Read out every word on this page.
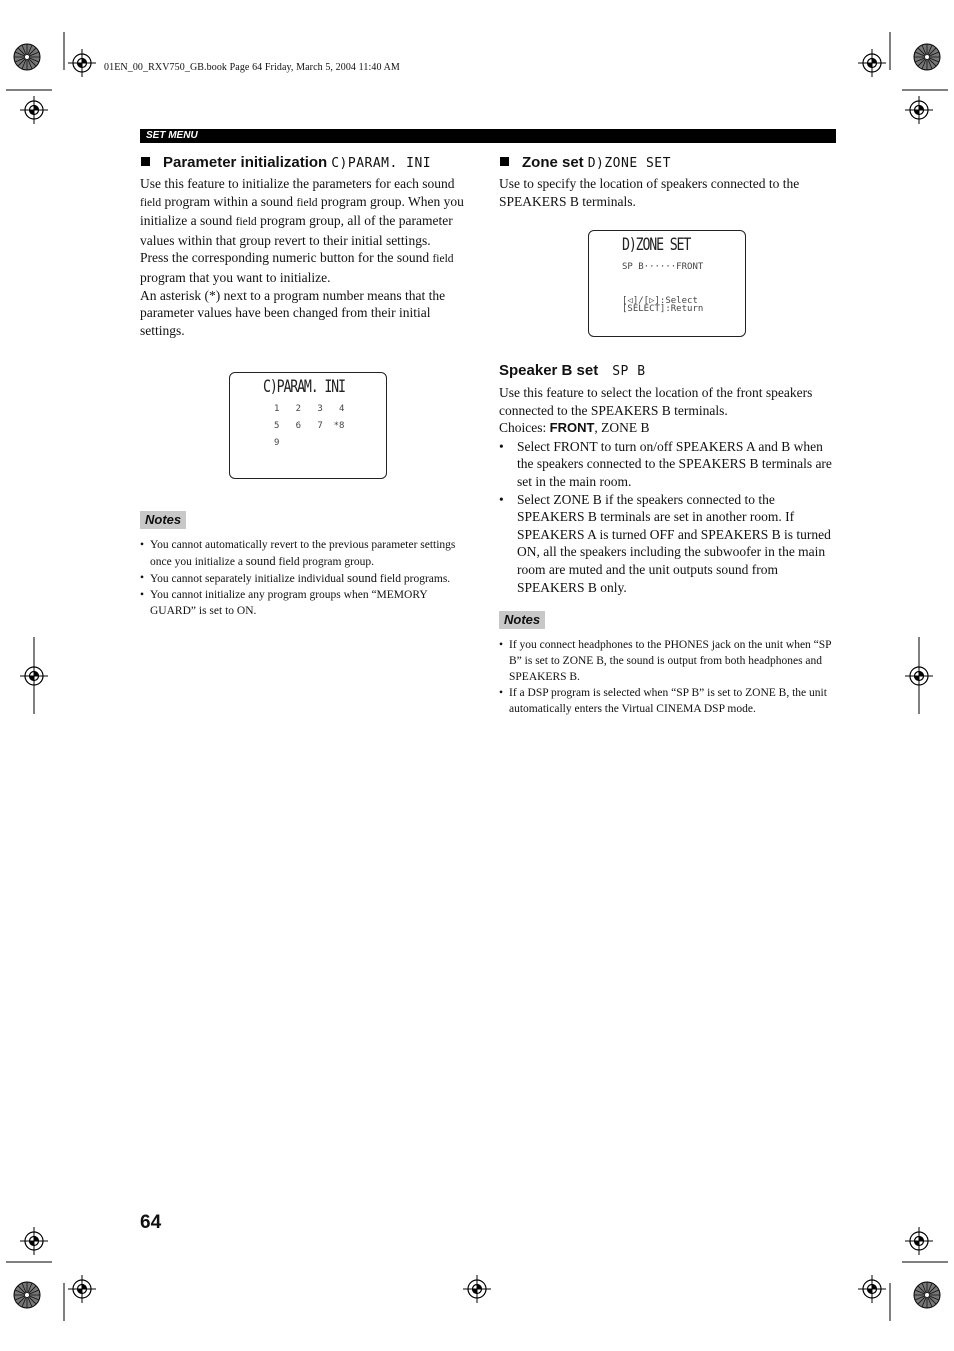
01EN_00_RXV750_GB.book Page 64 Friday, March 5, 2004 11:40 AM
SET MENU
Parameter initialization C)PARAM. INI

Use this feature to initialize the parameters for each sound field program within a sound field program group. When you initialize a sound field program group, all of the parameter values within that group revert to their initial settings.

Press the corresponding numeric button for the sound field program that you want to initialize.

An asterisk (*) next to a program number means that the parameter values have been changed from their initial settings.

C)PARAM. INI
1   2   3   4
5   6   7  *8
9
Notes
• You cannot automatically revert to the previous parameter settings once you initialize a sound field program group.
• You cannot separately initialize individual sound field programs.
• You cannot initialize any program groups when “MEMORY GUARD” is set to ON.
Zone set D)ZONE SET

Use to specify the location of speakers connected to the SPEAKERS B terminals.

D)ZONE SET
SP B······FRONT
[◁]/[▷]:Select
[SELECT]:Return
Speaker B set SP B

Use this feature to select the location of the front speakers connected to the SPEAKERS B terminals.

Choices: FRONT, ZONE B

• Select FRONT to turn on/off SPEAKERS A and B when the speakers connected to the SPEAKERS B terminals are set in the main room.
• Select ZONE B if the speakers connected to the SPEAKERS B terminals are set in another room. If SPEAKERS A is turned OFF and SPEAKERS B is turned ON, all the speakers including the subwoofer in the main room are muted and the unit outputs sound from SPEAKERS B only.
Notes
• If you connect headphones to the PHONES jack on the unit when “SP B” is set to ZONE B, the sound is output from both headphones and SPEAKERS B.
• If a DSP program is selected when “SP B” is set to ZONE B, the unit automatically enters the Virtual CINEMA DSP mode.
64
